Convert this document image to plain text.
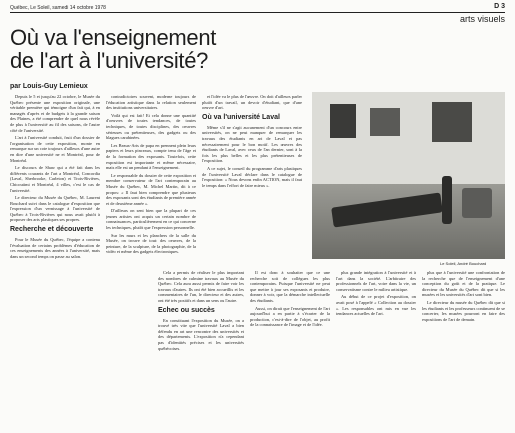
Québec, Le Soleil, samedi 14 octobre 1978	D 3
arts visuels
Où va l'enseignement
de l'art à l'université?
par Louis-Guy Lemieux

Depuis le 5 et jusqu'au 22 octobre, le Musée du Québec présente une exposition originale, une véritable première qui témoigne d'un fait qui, à en managés d'après et de budgets à la grande saison des Plaines, a été comprendre de quel nous révèle de plus à l'université au fil des saisons, de l'autre côté de l'université.

L'art à l'université conduit, fruit d'un dossier de l'organisation de cette exposition, monte en remarque sur un cote toujours d'ailleurs d'une autre en dire d'une université ne et Montréal, pour de Montréal.

Le discours de Shaw qui a été fait dans les différents courants de l'art a Montréal, Concordia (Laval, Sherbrooke, Carleton) et Trois-Rivières, Chicoutimi et Montréal, 4 villes, c'est le cas de l'université.

Le directeur du Musée du Québec, M. Laurent Bouchard suivi dans le catalogue d'exposition que l'expression d'un vernissage à l'université de Québec à Trois-Rivières qui nous avait plutôt à proposer des arts plastiques ses propres.

Recherche et découverte

Pour le Musée du Québec, l'équipe a contenu l'évaluation de certains problèmes d'éducation de ces enseignements des années à l'université, mais dans un second temps on passe au salon.

contradictoires souvent, moderne toujours de l'éducation artistique dans la relation seulement des institutions universitaires.

Voilà qui est fait! Et cela donne une quantité d'oeuvres de toutes tendances, de toutes techniques, de toutes disciplines, des oeuvres sérieuses ou prétentieuses, des gadgets ou des blagues carabinées.

Les Beaux-Arts de papa en prennent plein leurs papiers et leurs pinceaux, compte tenu de l'âge et de la formation des exposants. Toutefois, cette exposition est importante et même nécessaire, mais elle est un pendant à l'enseignement.

Le responsable du dossier de cette exposition et membre conservateur de l'art contemporain au Musée du Québec, M. Michel Martin, dit à ce propos: « Il faut bien comprendre que plusieurs des exposants sont des étudiants de première année et de deuxième année ».

D'ailleurs on sent bien que la plupart de ces jeunes artistes ont acquis un certain nombre de connaissances, particulièrement en ce qui concerne les techniques, plutôt que l'expression personnelle.

Sur les murs et les planchers de la salle du Musée, on trouve de tout: des oeuvres, de la peinture, de la sculpture, de la photographie, de la vidéo et même des gadgets électroniques.

et l'idée va le plus de l'œuvre. On doit d'ailleurs parler plutôt d'un travail, un devoir d'étudiant, que d'une oeuvre d'art.

Où va l'université Laval

Même s'il ne s'agit aucunement d'un concours entre universités, on ne peut manquer de remarquer les travaux des étudiants en art de Laval et pas nécessairement pour le bon motif. Les œuvres des étudiants de Laval, avec ceux de l'an dernier, sont à la fois les plus belles et les plus prétentieuses de l'exposition.

A ce sujet, le conseil du programme d'arts plastiques de l'université Laval déclare dans le catalogue de l'exposition: « Nous devons enfin ACTION, mais il faut le temps dans l'effort de faire mieux ».

Le Soleil, André Bouchard

Cela a permis de réaliser le plus important des nombres de culmine travaux au Musée du Québec. Cela aura aussi permis de faire voir les travaux d'autres. Ils ont été bien accueillis et les commentaires de l'un, le directeur et des autres, ont été très positifs et dans un sens ou l'autre.

Echec ou succès

En constituant l'exposition du Musée, on a trouvé très vite que l'université Laval a bien défendu en art une rencontre des universités et des départements. L'exposition n'a cependant pas d'identités précises et les universités québécoises.

Il est donc à souhaiter que ce une recherche soit de collègues les plus contemporains. Puisque l'université ne peut que mettre à jour ses exposants et produire, donner à voir, que la démarche intellectuelle des étudiants.

Aussi, on dirait que l'enseignement de l'art aujourd'hui a en partie à s'écarter de la production, c'est-à-dire de l'objet, au profit de la connaissance de l'image et de l'idée.

plus grande intégration à l'université et à l'art dans la société. L'arbitraire des professionnels de l'art, voire dans la vie, un conservatisme contre le milieu artistique.

Au début de ce projet d'exposition, on avait posé à l'appelé « Collection au dossier ». Les responsables ont mis en vue les tendances actuelles de l'art.

plus que à l'université une confrontation de la recherche que de l'enseignement d'une conception du goût et de la pratique. Le directeur du Musée du Québec dit que si les musées et les universités d'art sont bien.

Le directeur du musée du Québec dit que si les étudiants et les professeurs continuent de se concerter, les musées pourront en faire des expositions de l'art de demain.
